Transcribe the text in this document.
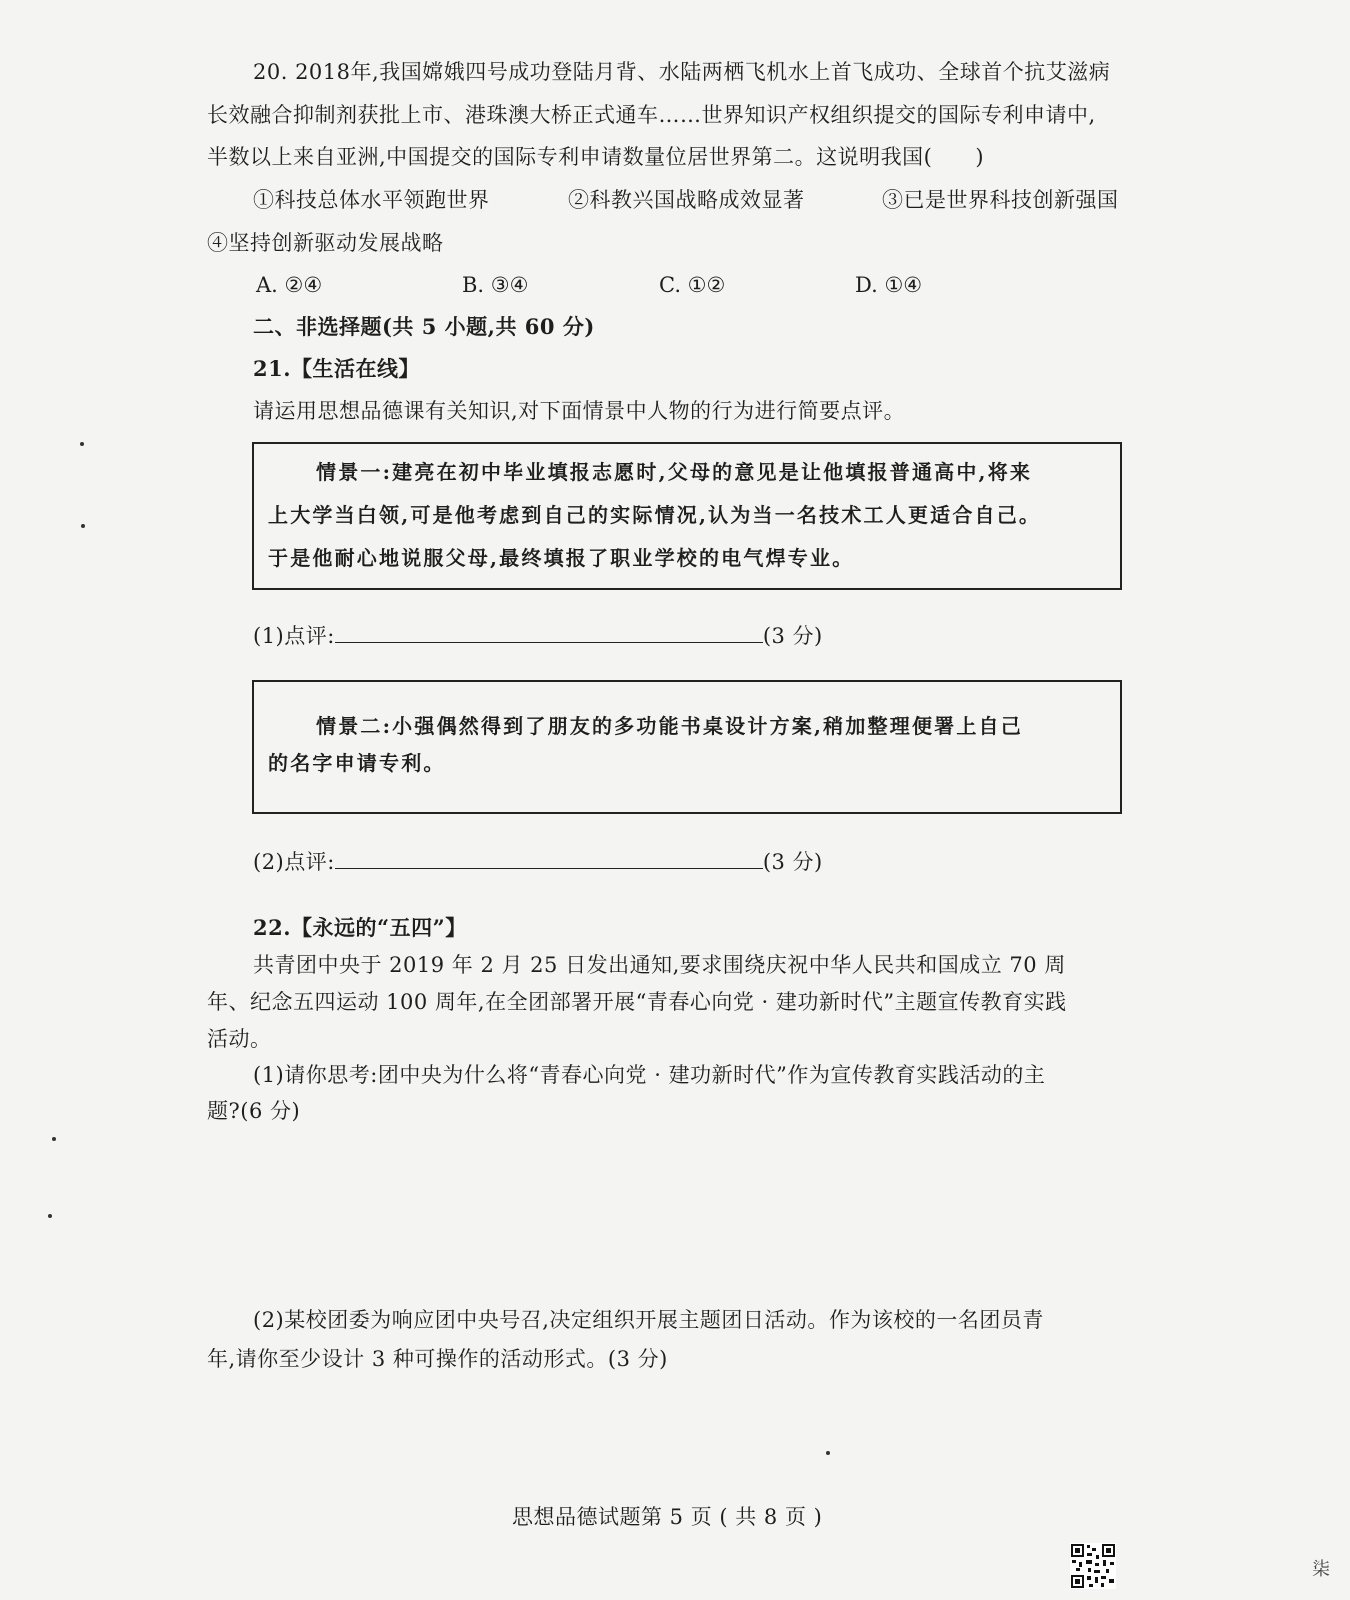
20. 2018年,我国嫦娥四号成功登陆月背、水陆两栖飞机水上首飞成功、全球首个抗艾滋病
长效融合抑制剂获批上市、港珠澳大桥正式通车……世界知识产权组织提交的国际专利申请中,
半数以上来自亚洲,中国提交的国际专利申请数量位居世界第二。这说明我国(　　)
①科技总体水平领跑世界	②科教兴国战略成效显著	③已是世界科技创新强国
④坚持创新驱动发展战略
A. ②④	B. ③④	C. ①②	D. ①④
二、非选择题(共 5 小题,共 60 分)
21.【生活在线】
请运用思想品德课有关知识,对下面情景中人物的行为进行简要点评。
情景一:建亮在初中毕业填报志愿时,父母的意见是让他填报普通高中,将来
上大学当白领,可是他考虑到自己的实际情况,认为当一名技术工人更适合自己。
于是他耐心地说服父母,最终填报了职业学校的电气焊专业。
(1)点评:	(3 分)
情景二:小强偶然得到了朋友的多功能书桌设计方案,稍加整理便署上自己
的名字申请专利。
(2)点评:	(3 分)
22.【永远的“五四”】
共青团中央于 2019 年 2 月 25 日发出通知,要求围绕庆祝中华人民共和国成立 70 周
年、纪念五四运动 100 周年,在全团部署开展“青春心向党 · 建功新时代”主题宣传教育实践
活动。
(1)请你思考:团中央为什么将“青春心向党 · 建功新时代”作为宣传教育实践活动的主
题?(6 分)
(2)某校团委为响应团中央号召,决定组织开展主题团日活动。作为该校的一名团员青
年,请你至少设计 3 种可操作的活动形式。(3 分)
思想品德试题第 5 页 ( 共 8 页 )
柒
